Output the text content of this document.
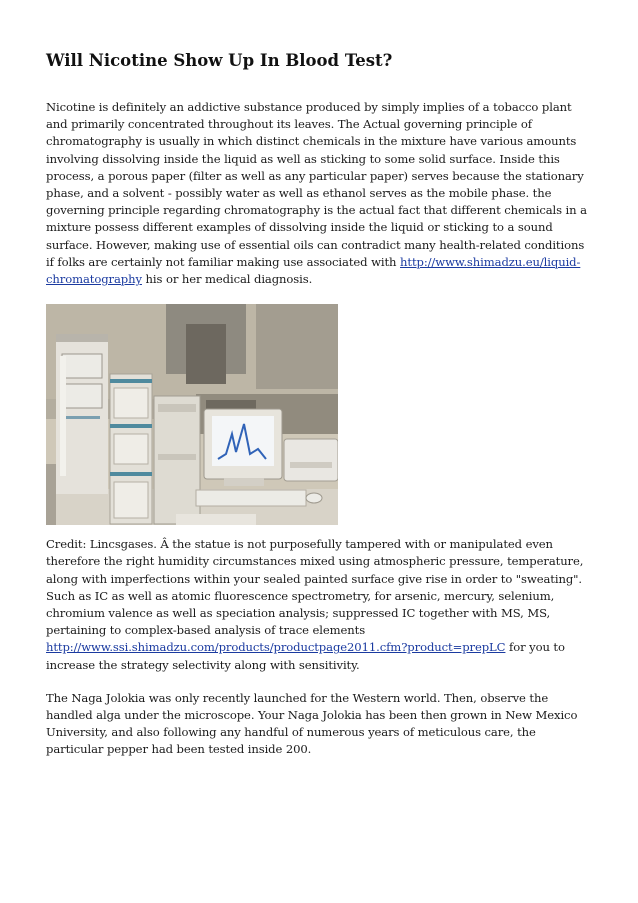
Will Nicotine Show Up In Blood Test?

Nicotine is definitely an addictive substance produced by simply implies of a tobacco plant and primarily concentrated throughout its leaves. The Actual governing principle of chromatography is usually in which distinct chemicals in the mixture have various amounts involving dissolving inside the liquid as well as sticking to some solid surface. Inside this process, a porous paper (filter as well as any particular paper) serves because the stationary phase, and a solvent - possibly water as well as ethanol serves as the mobile phase. the governing principle regarding chromatography is the actual fact that different chemicals in a mixture possess different examples of dissolving inside the liquid or sticking to a sound surface. However, making use of essential oils can contradict many health-related conditions if folks are certainly not familiar making use associated with http://www.shimadzu.eu/liquid-chromatography his or her medical diagnosis.

Credit: Lincsgases. Â the statue is not purposefully tampered with or manipulated even therefore the right humidity circumstances mixed using atmospheric pressure, temperature, along with imperfections within your sealed painted surface give rise in order to "sweating". Such as IC as well as atomic fluorescence spectrometry, for arsenic, mercury, selenium, chromium valence as well as speciation analysis; suppressed IC together with MS, MS, pertaining to complex-based analysis of trace elements http://www.ssi.shimadzu.com/products/productpage2011.cfm?product=prepLC for you to increase the strategy selectivity along with sensitivity.

The Naga Jolokia was only recently launched for the Western world. Then, observe the handled alga under the microscope. Your Naga Jolokia has been then grown in New Mexico University, and also following any handful of numerous years of meticulous care, the particular pepper had been tested inside 200.
